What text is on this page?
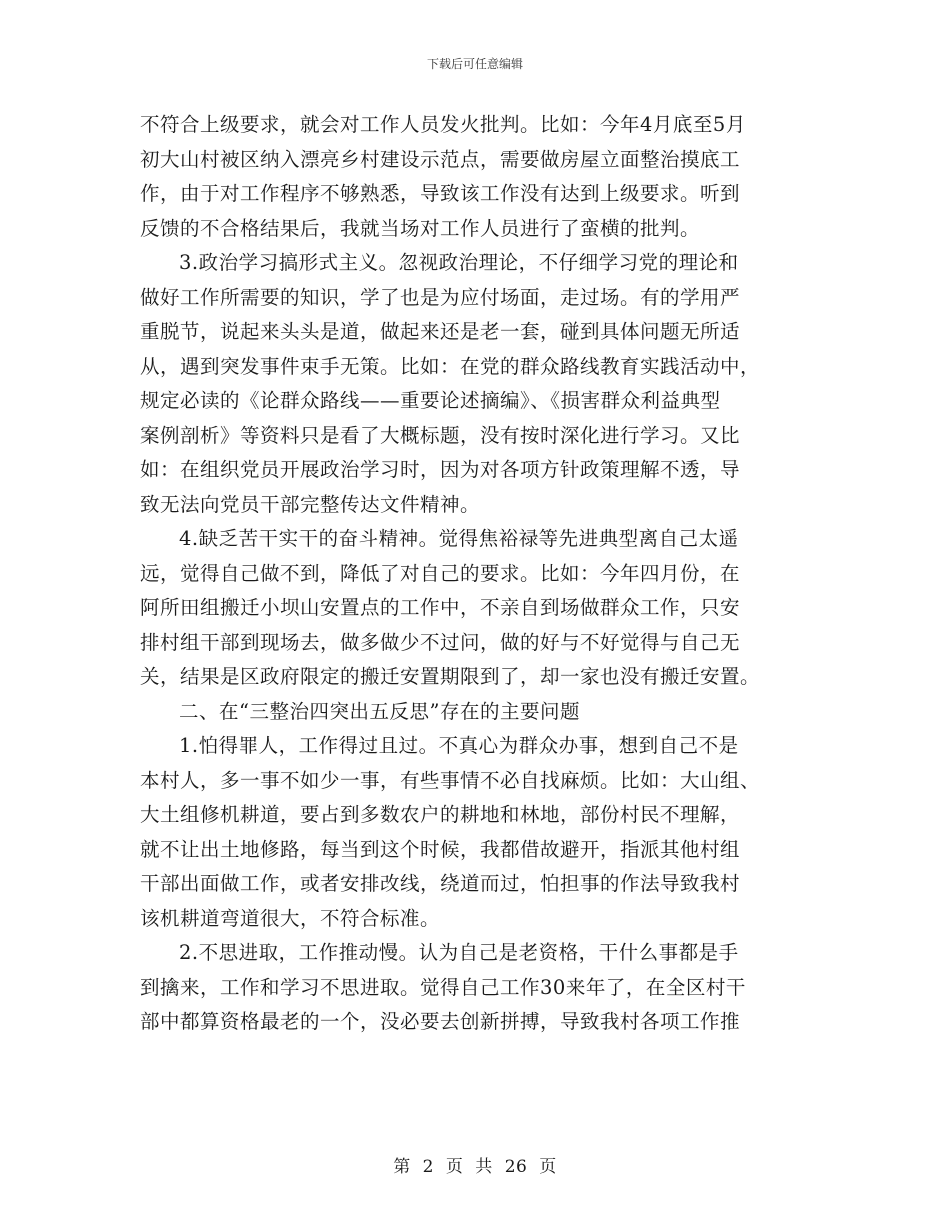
下载后可任意编辑

不符合上级要求，就会对工作人员发火批判。比如：今年4月底至5月

初大山村被区纳入漂亮乡村建设示范点，需要做房屋立面整治摸底工

作，由于对工作程序不够熟悉，导致该工作没有达到上级要求。听到

反馈的不合格结果后，我就当场对工作人员进行了蛮横的批判。

3.政治学习搞形式主义。忽视政治理论，不仔细学习党的理论和

做好工作所需要的知识，学了也是为应付场面，走过场。有的学用严

重脱节，说起来头头是道，做起来还是老一套，碰到具体问题无所适

从，遇到突发事件束手无策。比如：在党的群众路线教育实践活动中，

规定必读的《论群众路线——重要论述摘编》、《损害群众利益典型

案例剖析》等资料只是看了大概标题，没有按时深化进行学习。又比

如：在组织党员开展政治学习时，因为对各项方针政策理解不透，导

致无法向党员干部完整传达文件精神。

4.缺乏苦干实干的奋斗精神。觉得焦裕禄等先进典型离自己太遥

远，觉得自己做不到，降低了对自己的要求。比如：今年四月份，在

阿所田组搬迁小坝山安置点的工作中，不亲自到场做群众工作，只安

排村组干部到现场去，做多做少不过问，做的好与不好觉得与自己无

关，结果是区政府限定的搬迁安置期限到了，却一家也没有搬迁安置。

二、在“三整治四突出五反思”存在的主要问题

1.怕得罪人，工作得过且过。不真心为群众办事，想到自己不是

本村人，多一事不如少一事，有些事情不必自找麻烦。比如：大山组、

大土组修机耕道，要占到多数农户的耕地和林地，部份村民不理解，

就不让出土地修路，每当到这个时候，我都借故避开，指派其他村组

干部出面做工作，或者安排改线，绕道而过，怕担事的作法导致我村

该机耕道弯道很大，不符合标准。

2.不思进取，工作推动慢。认为自己是老资格，干什么事都是手

到擒来，工作和学习不思进取。觉得自己工作30来年了，在全区村干

部中都算资格最老的一个，没必要去创新拼搏，导致我村各项工作推

第 2 页 共 26 页
